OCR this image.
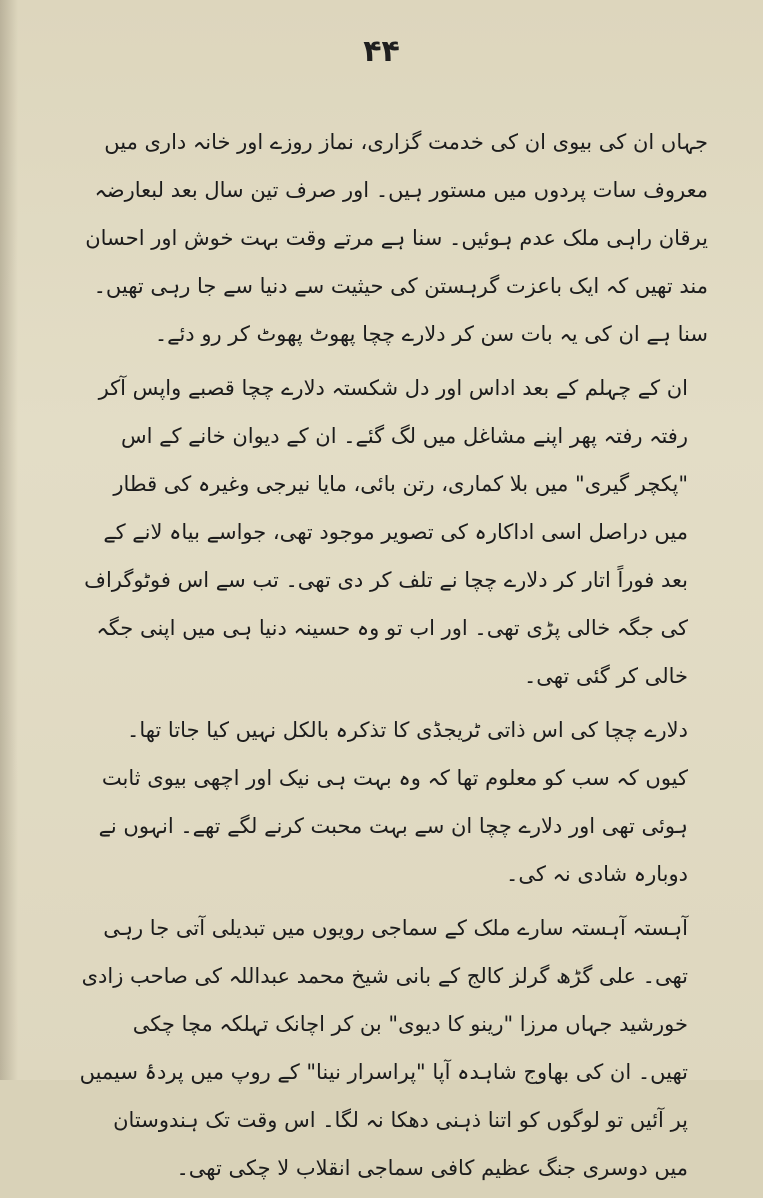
۴۴

جہاں ان کی بیوی ان کی خدمت گزاری، نماز روزے اور خانہ داری میں معروف سات پردوں میں مستور ہیں۔ اور صرف تین سال بعد لبعارضہ یرقان راہی ملک عدم ہوئیں۔ سنا ہے مرتے وقت بہت خوش اور احسان مند تھیں کہ ایک باعزت گرہستن کی حیثیت سے دنیا سے جا رہی تھیں۔ سنا ہے ان کی یہ بات سن کر دلارے چچا پھوٹ پھوٹ کر رو دئے۔

ان کے چہلم کے بعد اداس اور دل شکستہ دلارے چچا قصبے واپس آکر رفتہ رفتہ پھر اپنے مشاغل میں لگ گئے۔ ان کے دیوان خانے کے اس "پکچر گیری" میں بلا کماری، رتن بائی، مایا نیرجی وغیرہ کی قطار میں دراصل اسی اداکارہ کی تصویر موجود تھی، جواسے بیاہ لانے کے بعد فوراً اتار کر دلارے چچا نے تلف کر دی تھی۔ تب سے اس فوٹوگراف کی جگہ خالی پڑی تھی۔ اور اب تو وہ حسینہ دنیا ہی میں اپنی جگہ خالی کر گئی تھی۔

دلارے چچا کی اس ذاتی ٹریجڈی کا تذکرہ بالکل نہیں کیا جاتا تھا۔ کیوں کہ سب کو معلوم تھا کہ وہ بہت ہی نیک اور اچھی بیوی ثابت ہوئی تھی اور دلارے چچا ان سے بہت محبت کرنے لگے تھے۔ انہوں نے دوبارہ شادی نہ کی۔

آہستہ آہستہ سارے ملک کے سماجی رویوں میں تبدیلی آتی جا رہی تھی۔ علی گڑھ گرلز کالج کے بانی شیخ محمد عبداللہ کی صاحب زادی خورشید جہاں مرزا "رینو کا دیوی" بن کر اچانک تہلکہ مچا چکی تھیں۔ ان کی بھاوج شاہدہ آپا "پراسرار نینا" کے روپ میں پردۂ سیمیں پر آئیں تو لوگوں کو اتنا ذہنی دھکا نہ لگا۔ اس وقت تک ہندوستان میں دوسری جنگ عظیم کافی سماجی انقلاب لا چکی تھی۔
